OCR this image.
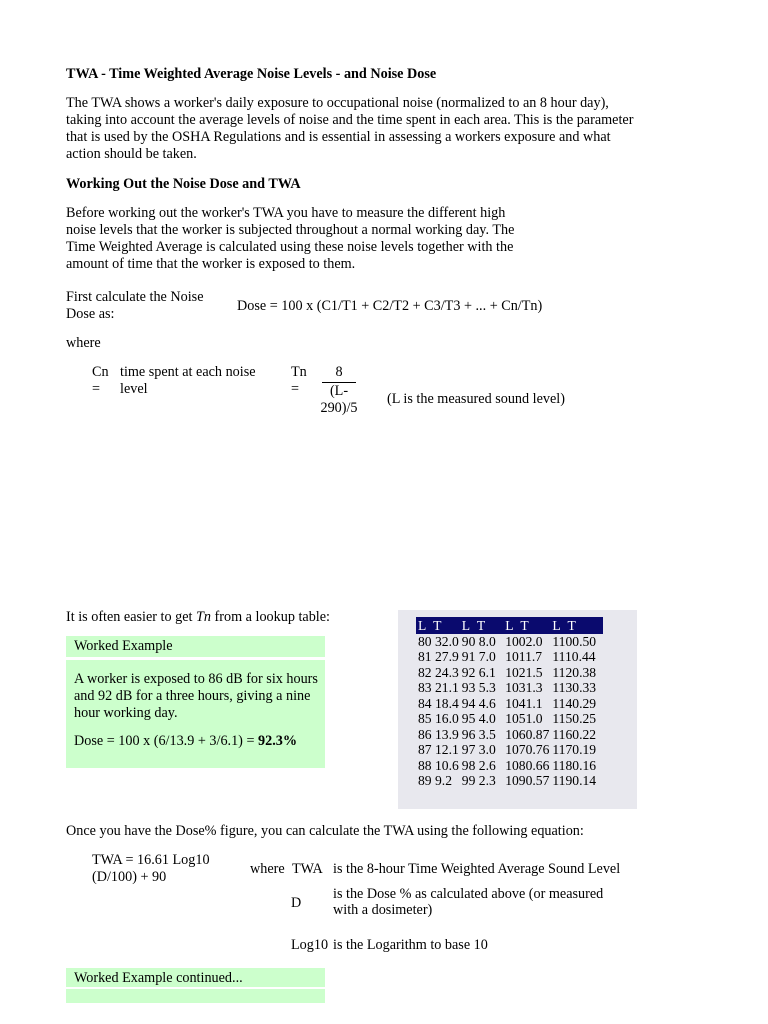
TWA - Time Weighted Average Noise Levels - and Noise Dose
The TWA shows a worker's daily exposure to occupational noise (normalized to an 8 hour day), taking into account the average levels of noise and the time spent in each area. This is the parameter that is used by the OSHA Regulations and is essential in assessing a workers exposure and what action should be taken.
Working Out the Noise Dose and TWA
Before working out the worker's TWA you have to measure the different high noise levels that the worker is subjected throughout a normal working day. The Time Weighted Average is calculated using these noise levels together with the amount of time that the worker is exposed to them.
First calculate the Noise Dose as:	Dose = 100 x (C1/T1 + C2/T2 + C3/T3 + ... + Cn/Tn)
where
Cn =
time spent at each noise level
Tn =	$\frac{8}{(L-290)/5} (L$ is the measured sound level)
It is often easier to get Tn from a lookup table:
Worked Example
A worker is exposed to 86 dB for six hours and 92 dB for a three hours, giving a nine hour working day.
Dose = 100 x (6/13.9 + 3/6.1) = 92.3%
L T	L T	L T	L T
80 32.0	90 8.0	1002.0	1100.50
81 27.9	91 7.0	1011.7	1110.44
82 24.3	92 6.1	1021.5	1120.38
83 21.1	93 5.3	1031.3	1130.33
84 18.4	94 4.6	1041.1	1140.29
85 16.0	95 4.0	1051.0	1150.25
86 13.9	96 3.5	1060.87	1160.22
87 12.1	97 3.0	1070.76	1170.19
88 10.6	98 2.6	1080.66	1180.16
89 9.2	99 2.3	1090.57	1190.14
Once you have the Dose% figure, you can calculate the TWA using the following equation:
TWA = 16.61 Log10 (D/100) + 90	where TWA is the 8-hour Time Weighted Average Sound Level
D
is the Dose % as calculated above (or measured with a dosimeter)
Log10 is the Logarithm to base 10
Worked Example continued...
